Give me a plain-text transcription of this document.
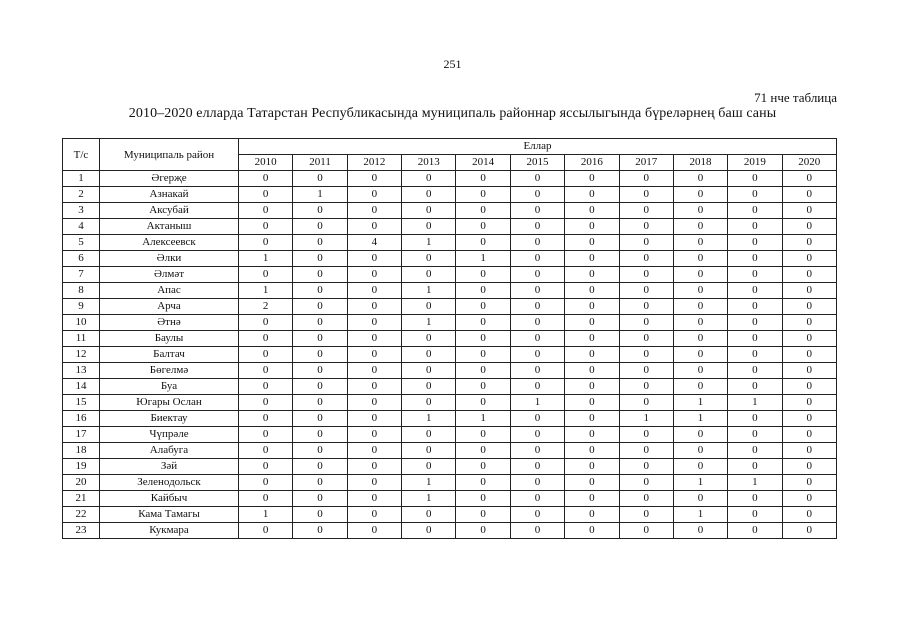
251
71 нче таблица
2010–2020 елларда Татарстан Республикасында муниципаль районнар яссылыгында бүреләрнең баш саны
Т/с	Муниципаль район	Еллар										
		2010	2011	2012	2013	2014	2015	2016	2017	2018	2019	2020
1	Әгерҗе	0	0	0	0	0	0	0	0	0	0	0
2	Азнакай	0	1	0	0	0	0	0	0	0	0	0
3	Аксубай	0	0	0	0	0	0	0	0	0	0	0
4	Актаныш	0	0	0	0	0	0	0	0	0	0	0
5	Алексеевск	0	0	4	1	0	0	0	0	0	0	0
6	Әлки	1	0	0	0	1	0	0	0	0	0	0
7	Әлмәт	0	0	0	0	0	0	0	0	0	0	0
8	Апас	1	0	0	1	0	0	0	0	0	0	0
9	Арча	2	0	0	0	0	0	0	0	0	0	0
10	Әтнә	0	0	0	1	0	0	0	0	0	0	0
11	Баулы	0	0	0	0	0	0	0	0	0	0	0
12	Балтач	0	0	0	0	0	0	0	0	0	0	0
13	Бөгелмә	0	0	0	0	0	0	0	0	0	0	0
14	Буа	0	0	0	0	0	0	0	0	0	0	0
15	Югары Ослан	0	0	0	0	0	1	0	0	1	1	0
16	Биектау	0	0	0	1	1	0	0	1	1	0	0
17	Чүпрәле	0	0	0	0	0	0	0	0	0	0	0
18	Алабуга	0	0	0	0	0	0	0	0	0	0	0
19	Зәй	0	0	0	0	0	0	0	0	0	0	0
20	Зеленодольск	0	0	0	1	0	0	0	0	1	1	0
21	Кайбыч	0	0	0	1	0	0	0	0	0	0	0
22	Кама Тамагы	1	0	0	0	0	0	0	0	1	0	0
23	Кукмара	0	0	0	0	0	0	0	0	0	0	0
